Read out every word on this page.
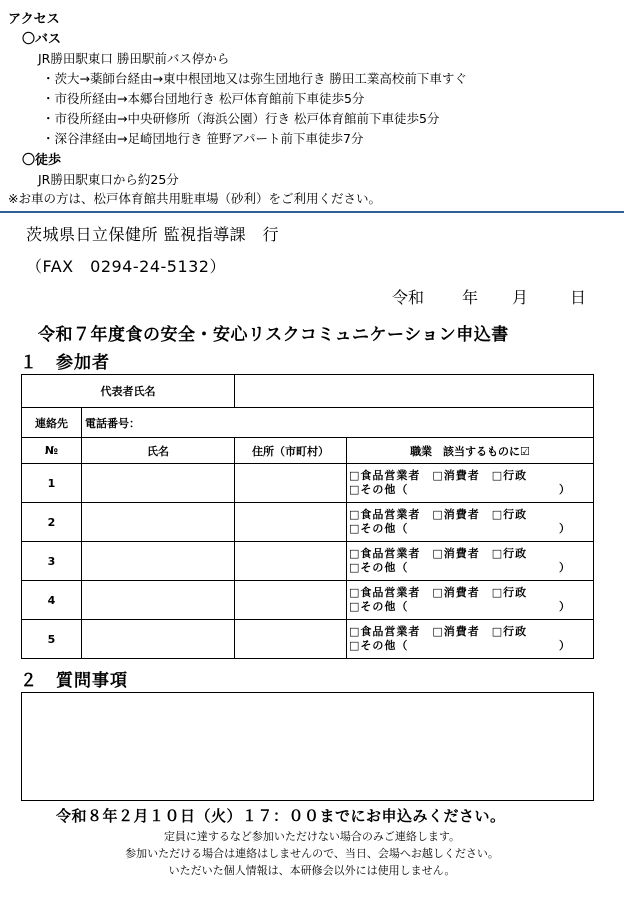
アクセス
〇バス
JR勝田駅東口 勝田駅前バス停から
・茨大→薬師台経由→東中根団地又は弥生団地行き 勝田工業高校前下車すぐ
・市役所経由→本郷台団地行き 松戸体育館前下車徒歩5分
・市役所経由→中央研修所（海浜公園）行き 松戸体育館前下車徒歩5分
・深谷津経由→足崎団地行き 笹野アパート前下車徒歩7分
〇徒歩
JR勝田駅東口から約25分
※お車の方は、松戸体育館共用駐車場（砂利）をご利用ください。
茨城県日立保健所 監視指導課　行
（FAX　0294-24-5132）
令和 年 月	日
令和７年度食の安全・安心リスクコミュニケーション申込書
１　参加者
代表者氏名			
連絡先	電話番号：		
№	氏名	住所（市町村）	職業　該当するものに☑
1			□食品営業者　□消費者　□行政
□その他（ ）

2			□食品営業者　□消費者　□行政
□その他（ ）

3			□食品営業者　□消費者　□行政
□その他（ ）

4			□食品営業者　□消費者　□行政
□その他（ ）

5			□食品営業者　□消費者　□行政
□その他（ ）
２　質問事項
令和８年２月１０日（火）１７：００までにお申込みください。
定員に達するなど参加いただけない場合のみご連絡します。
参加いただける場合は連絡はしませんので、当日、会場へお越しください。
いただいた個人情報は、本研修会以外には使用しません。
